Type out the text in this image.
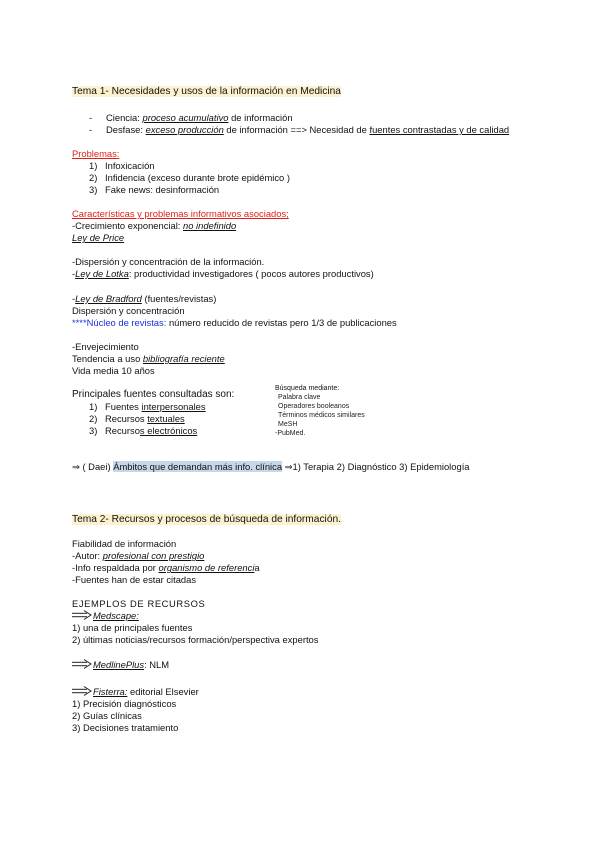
Tema 1- Necesidades y usos de la información en Medicina
- Ciencia: proceso acumulativo de información
- Desfase: exceso producción de información ==> Necesidad de fuentes contrastadas y de calidad
Problemas:
1) Infoxicación
2) Infidencia (exceso durante brote epidémico )
3) Fake news: desinformación
Características y problemas informativos asociados;
-Crecimiento exponencial: no indefinido
Ley de Price
-Dispersión y concentración de la información.
-Ley de Lotka: productividad investigadores ( pocos autores productivos)
-Ley de Bradford (fuentes/revistas)
Dispersión y concentración
****Núcleo de revistas: número reducido de revistas pero 1/3 de publicaciones
-Envejecimiento
Tendencia a uso bibliografía reciente
Vida media 10 años
Principales fuentes consultadas son:
1) Fuentes interpersonales
2) Recursos textuales
3) Recursos electrónicos
Búsqueda mediante:
Palabra clave
Operadores booleanos
Términos médicos similares
MeSH
-PubMed.
⇒ ( Daei) Ámbitos que demandan más info. clínica ⇒1) Terapia 2) Diagnóstico 3) Epidemiología
Tema 2- Recursos y procesos de búsqueda de información.
Fiabilidad de información
-Autor: profesional con prestigio
-Info respaldada por organismo de referencia
-Fuentes han de estar citadas
EJEMPLOS DE RECURSOS
Medscape:
1) una de principales fuentes
2) últimas noticias/recursos formación/perspectiva expertos
MedlinePlus: NLM
Fisterra: editorial Elsevier
1) Precisión diagnósticos
2) Guías clínicas
3) Decisiones tratamiento
